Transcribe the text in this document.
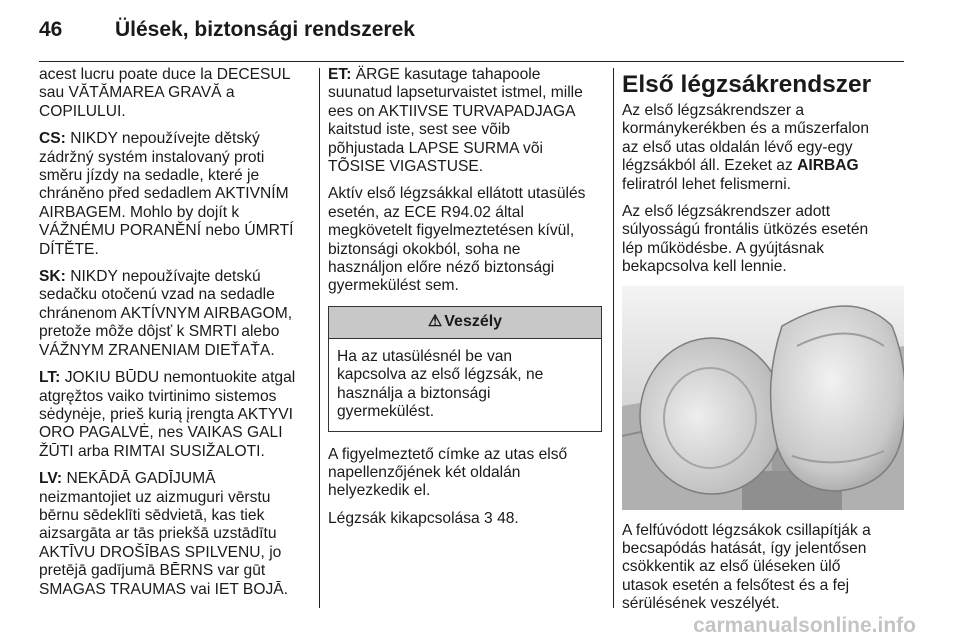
46	Ülések, biztonsági rendszerek

acest lucru poate duce la DECESUL
sau VĂTĂMAREA GRAVĂ a
COPILULUI.

CS: NIKDY nepoužívejte dětský
zádržný systém instalovaný proti
směru jízdy na sedadle, které je
chráněno před sedadlem AKTIVNÍM
AIRBAGEM. Mohlo by dojít k
VÁŽNÉMU PORANĚNÍ nebo ÚMRTÍ
DÍTĚTE.

SK: NIKDY nepoužívajte detskú
sedačku otočenú vzad na sedadle
chránenom AKTÍVNYM AIRBAGOM,
pretože môže dôjsť k SMRTI alebo
VÁŽNYM ZRANENIAM DIEŤAŤA.

LT: JOKIU BŪDU nemontuokite atgal
atgręžtos vaiko tvirtinimo sistemos
sėdynėje, prieš kurią įrengta AKTYVI
ORO PAGALVĖ, nes VAIKAS GALI
ŽŪTI arba RIMTAI SUSIŽALOTI.

LV: NEKĀDĀ GADĪJUMĀ
neizmantojiet uz aizmuguri vērstu
bērnu sēdeklīti sēdvietā, kas tiek
aizsargāta ar tās priekšā uzstādītu
AKTĪVU DROŠĪBAS SPILVENU, jo
pretējā gadījumā BĒRNS var gūt
SMAGAS TRAUMAS vai IET BOJĀ.

ET: ÄRGE kasutage tahapoole
suunatud lapseturvaistet istmel, mille
ees on AKTIIVSE TURVAPADJAGA
kaitstud iste, sest see võib
põhjustada LAPSE SURMA või
TÕSISE VIGASTUSE.

Aktív első légzsákkal ellátott utasülés
esetén, az ECE R94.02 által
megkövetelt figyelmeztetésen kívül,
biztonsági okokból, soha ne
használjon előre néző biztonsági
gyermekülést sem.

⚠ Veszély
Ha az utasülésnél be van
kapcsolva az első légzsák, ne
használja a biztonsági
gyermekülést.

A figyelmeztető címke az utas első
napellenzőjének két oldalán
helyezkedik el.

Légzsák kikapcsolása 3 48.

Első légzsákrendszer

Az első légzsákrendszer a
kormánykerékben és a műszerfalon
az első utas oldalán lévő egy-egy
légzsákból áll. Ezeket az AIRBAG
feliratról lehet felismerni.

Az első légzsákrendszer adott
súlyosságú frontális ütközés esetén
lép működésbe. A gyújtásnak
bekapcsolva kell lennie.

A felfúvódott légzsákok csillapítják a
becsapódás hatását, így jelentősen
csökkentik az első üléseken ülő
utasok esetén a felsőtest és a fej
sérülésének veszélyét.

carmanualsonline.info
